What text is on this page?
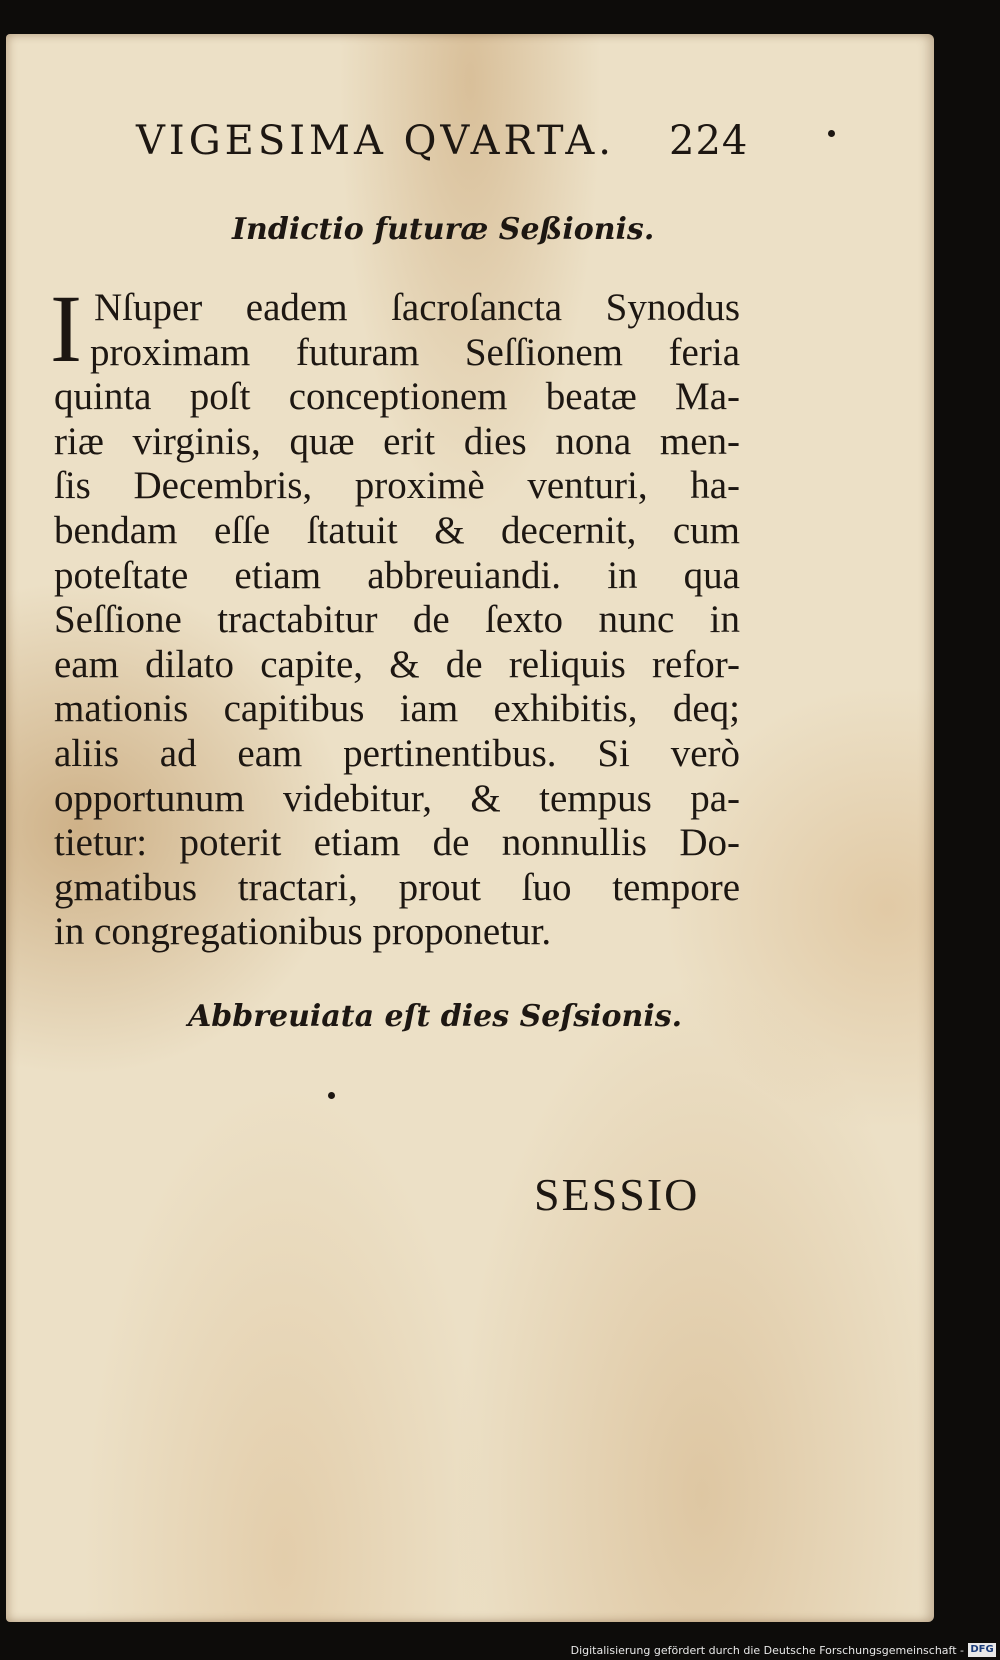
VIGESIMA QVARTA.	224
Indictio futuræ Seßionis.
I Nſuper eadem ſacroſancta Synodus
proximam futuram Seſſionem feria
quinta poſt conceptionem beatæ Ma-
riæ virginis, quæ erit dies nona men-
ſis Decembris, proximè venturi, ha-
bendam eſſe ſtatuit & decernit, cum
poteſtate etiam abbreuiandi. in qua
Seſſione tractabitur de ſexto nunc in
eam dilato capite, & de reliquis refor-
mationis capitibus iam exhibitis, deq;
aliis ad eam pertinentibus. Si verò
opportunum videbitur, & tempus pa-
tietur: poterit etiam de nonnullis Do-
gmatibus tractari, prout ſuo tempore
in congregationibus proponetur.
Abbreuiata eſt dies Seſsionis.
SESSIO
Digitalisierung gefördert durch die Deutsche Forschungsgemeinschaft - DFG
